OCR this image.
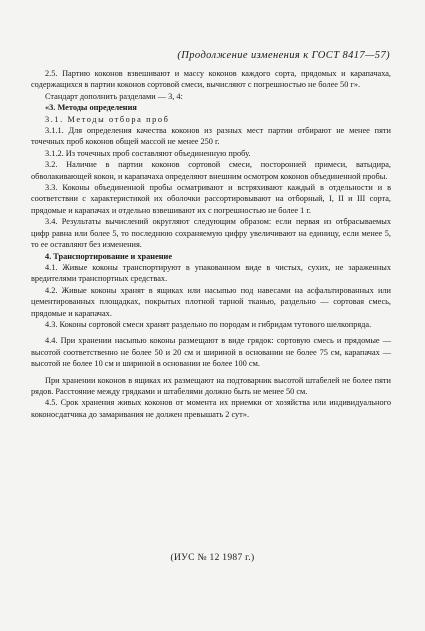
(Продолжение изменения к ГОСТ 8417—57)

2.5. Партию коконов взвешивают и массу коконов каждого сорта, прядомых и карапачаха, содержащихся в партии коконов сортовой смеси, вычисляют с погрешностью не более 50 г».

Стандарт дополнить разделами — 3, 4:

«3. Методы определения

3.1. Методы отбора проб

3.1.1. Для определения качества коконов из разных мест партии отбирают не менее пяти точечных проб коконов общей массой не менее 250 г.

3.1.2. Из точечных проб составляют объединенную пробу.

3.2. Наличие в партии коконов сортовой смеси, посторонней примеси, ватыдира, обволакивающей кокон, и карапачаха определяют внешним осмотром коконов объединенной пробы.

3.3. Коконы объединенной пробы осматривают и встряхивают каждый в отдельности и в соответствии с характеристикой их оболочки рассортировывают на отборный, I, II и III сорта, прядомые и карапачах и отдельно взвешивают их с погрешностью не более 1 г.

3.4. Результаты вычислений округляют следующим образом: если первая из отбрасываемых цифр равна или более 5, то последнюю сохраняемую цифру увеличивают на единицу, если менее 5, то ее оставляют без изменения.

4. Транспортирование и хранение

4.1. Живые коконы транспортируют в упакованном виде в чистых, сухих, не зараженных вредителями транспортных средствах.

4.2. Живые коконы хранят в ящиках или насыпью под навесами на асфальтированных или цементированных площадках, покрытых плотной тарной тканью, раздельно — сортовая смесь, прядомые и карапачах.

4.3. Коконы сортовой смеси хранят раздельно по породам и гибридам тутового шелкопряда.

4.4. При хранении насыпью коконы размещают в виде грядок: сортовую смесь и прядомые — высотой соответственно не более 50 и 20 см и шириной в основании не более 75 см, карапачах — высотой не более 10 см и шириной в основании не более 100 см.

При хранении коконов в ящиках их размещают на подтоварник высотой штабелей не более пяти рядов. Расстояние между грядками и штабелями должно быть не менее 50 см.

4.5. Срок хранения живых коконов от момента их приемки от хозяйства или индивидуального коконосдатчика до замаривания не должен превышать 2 сут».

(ИУС № 12 1987 г.)
